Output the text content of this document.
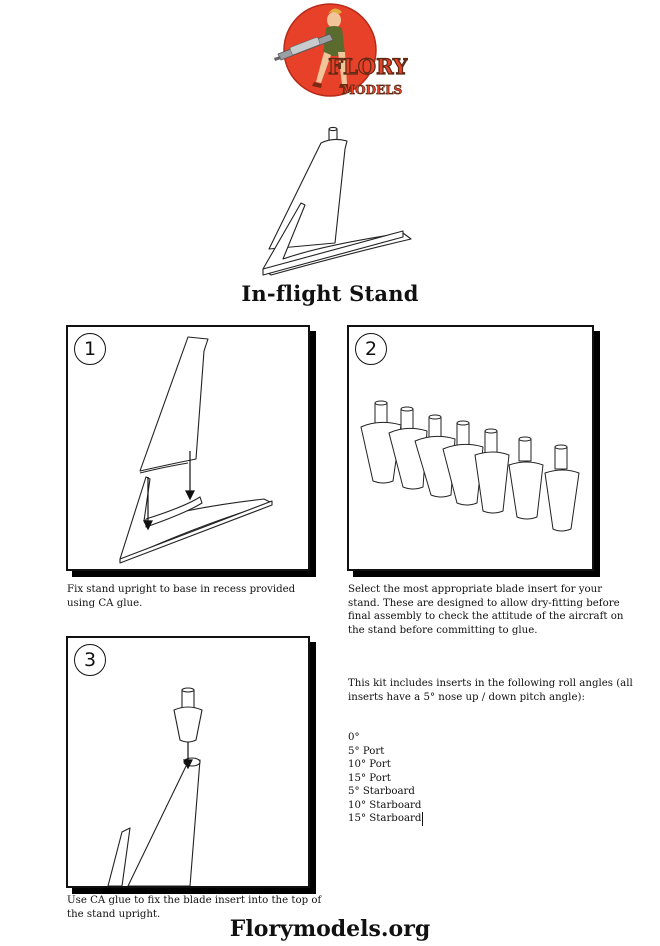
FLORY
MODELS
In-flight Stand
1
Fix stand upright to base in recess provided using CA glue.
2
Select the most appropriate blade insert for your stand. These are designed to allow dry-fitting before final assembly to check the attitude of the aircraft on the stand before committing to glue.
3
Use CA glue to fix the blade insert into the top of the stand upright.
This kit includes inserts in the following roll angles (all inserts have a 5° nose up / down pitch angle):
0°
5° Port
10° Port
15° Port
5° Starboard
10° Starboard
15° Starboard
Florymodels.org
